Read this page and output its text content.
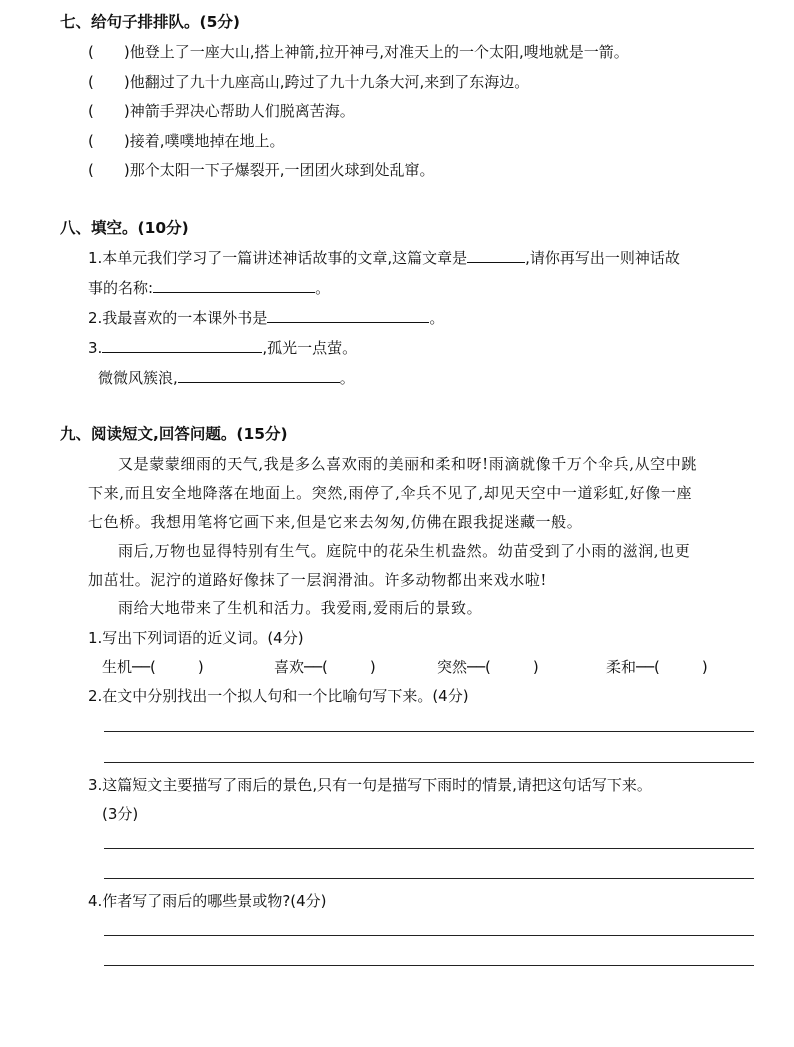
七、给句子排排队。(5分)
( )他登上了一座大山,搭上神箭,拉开神弓,对准天上的一个太阳,嗖地就是一箭。
( )他翻过了九十九座高山,跨过了九十九条大河,来到了东海边。
( )神箭手羿决心帮助人们脱离苦海。
( )接着,噗噗地掉在地上。
( )那个太阳一下子爆裂开,一团团火球到处乱窜。
八、填空。(10分)
1.本单元我们学习了一篇讲述神话故事的文章,这篇文章是	,请你再写出一则神话故
事的名称:	。
2.我最喜欢的一本课外书是	。
3.	,孤光一点萤。
微微风簇浪,	。
九、阅读短文,回答问题。(15分)
又是蒙蒙细雨的天气,我是多么喜欢雨的美丽和柔和呀!雨滴就像千万个伞兵,从空中跳
下来,而且安全地降落在地面上。突然,雨停了,伞兵不见了,却见天空中一道彩虹,好像一座
七色桥。我想用笔将它画下来,但是它来去匆匆,仿佛在跟我捉迷藏一般。
雨后,万物也显得特别有生气。庭院中的花朵生机盎然。幼苗受到了小雨的滋润,也更
加茁壮。泥泞的道路好像抹了一层润滑油。许多动物都出来戏水啦!
雨给大地带来了生机和活力。我爱雨,爱雨后的景致。
1.写出下列词语的近义词。(4分)
生机──(	)	喜欢──(	)	突然──(	)	柔和──(	)
2.在文中分别找出一个拟人句和一个比喻句写下来。(4分)
3.这篇短文主要描写了雨后的景色,只有一句是描写下雨时的情景,请把这句话写下来。
(3分)
4.作者写了雨后的哪些景或物?(4分)
